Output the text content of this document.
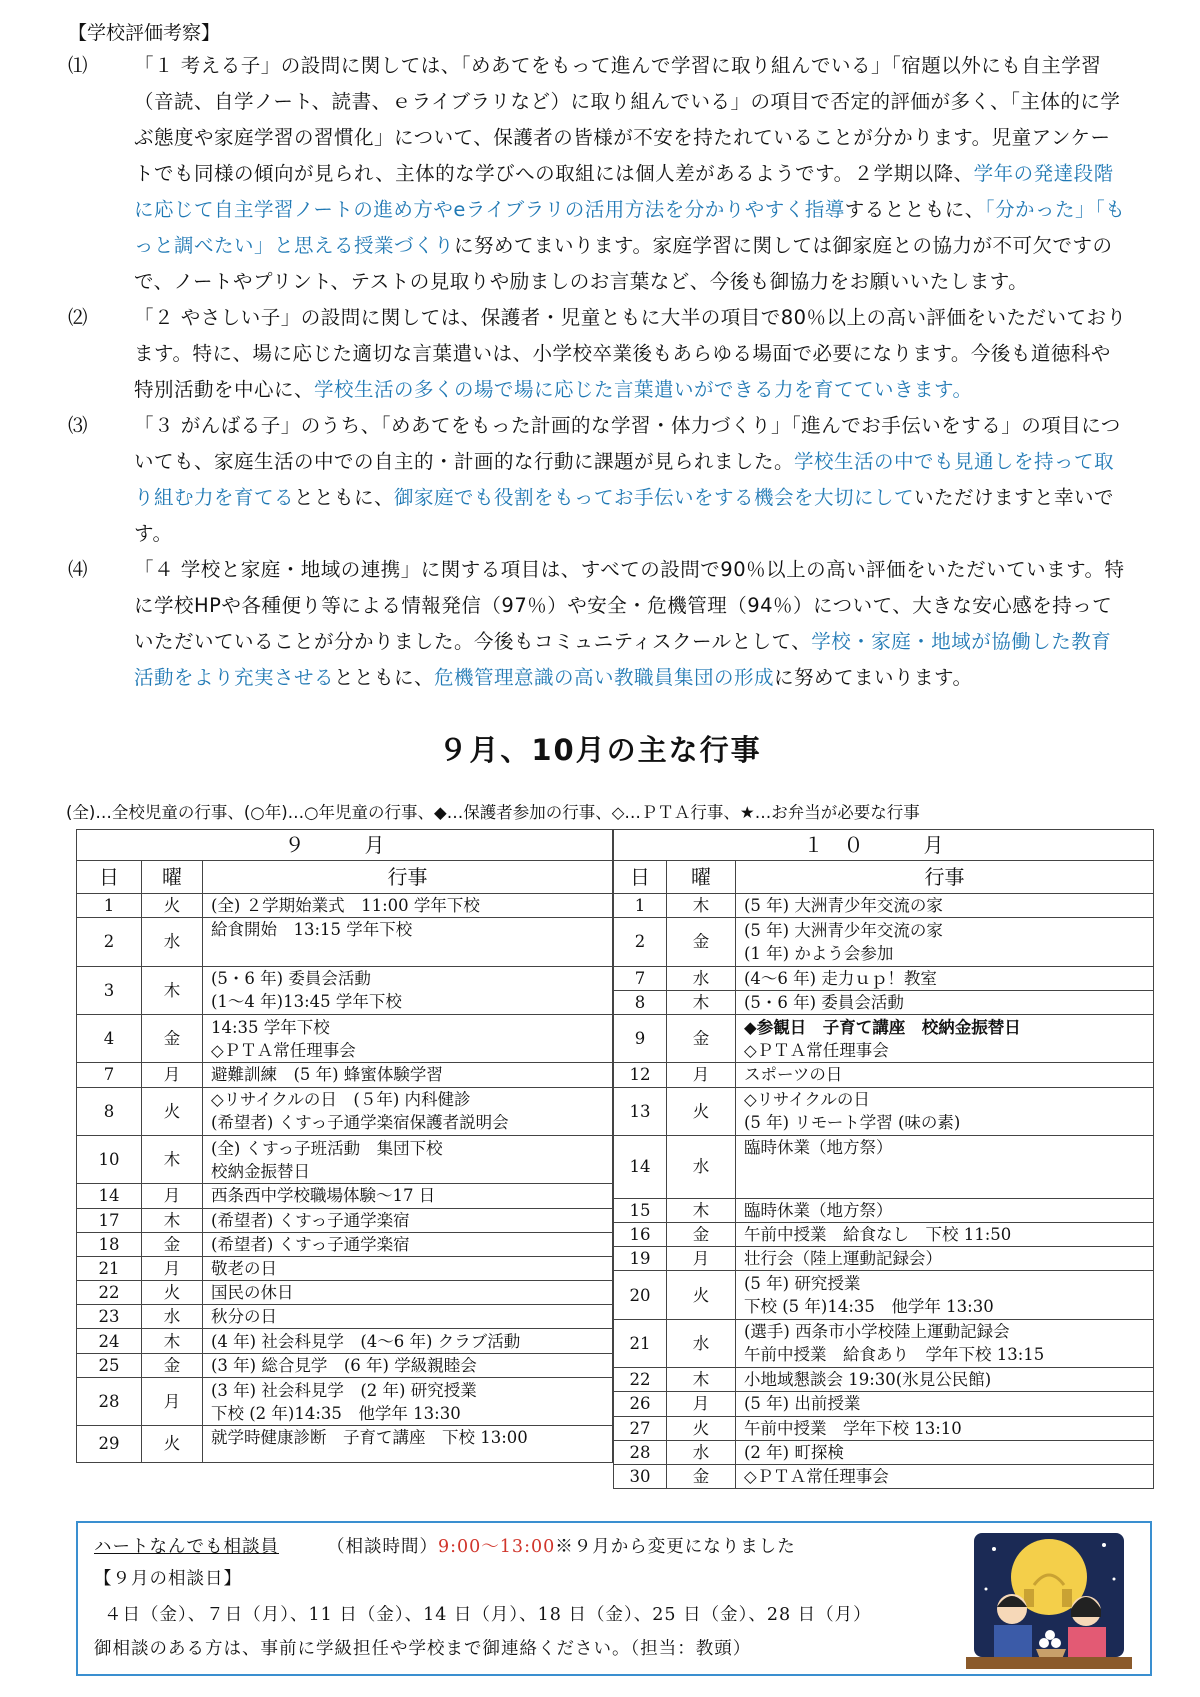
【学校評価考察】
⑴	「１ 考える子」の設問に関しては、「めあてをもって進んで学習に取り組んでいる」「宿題以外にも自主学習（音読、自学ノート、読書、ｅライブラリなど）に取り組んでいる」の項目で否定的評価が多く、「主体的に学ぶ態度や家庭学習の習慣化」について、保護者の皆様が不安を持たれていることが分かります。児童アンケートでも同様の傾向が見られ、主体的な学びへの取組には個人差があるようです。２学期以降、学年の発達段階に応じて自主学習ノートの進め方やeライブラリの活用方法を分かりやすく指導するとともに、「分かった」「もっと調べたい」と思える授業づくりに努めてまいります。家庭学習に関しては御家庭との協力が不可欠ですので、ノートやプリント、テストの見取りや励ましのお言葉など、今後も御協力をお願いいたします。
⑵	「２ やさしい子」の設問に関しては、保護者・児童ともに大半の項目で80％以上の高い評価をいただいております。特に、場に応じた適切な言葉遣いは、小学校卒業後もあらゆる場面で必要になります。今後も道徳科や特別活動を中心に、学校生活の多くの場で場に応じた言葉遣いができる力を育てていきます。
⑶	「３ がんばる子」のうち、「めあてをもった計画的な学習・体力づくり」「進んでお手伝いをする」の項目についても、家庭生活の中での自主的・計画的な行動に課題が見られました。学校生活の中でも見通しを持って取り組む力を育てるとともに、御家庭でも役割をもってお手伝いをする機会を大切にしていただけますと幸いです。
⑷	「４ 学校と家庭・地域の連携」に関する項目は、すべての設問で90％以上の高い評価をいただいています。特に学校HPや各種便り等による情報発信（97％）や安全・危機管理（94％）について、大きな安心感を持っていただいていることが分かりました。今後もコミュニティスクールとして、学校・家庭・地域が協働した教育活動をより充実させるとともに、危機管理意識の高い教職員集団の形成に努めてまいります。
９月、10月の主な行事
(全)…全校児童の行事、(○年)…○年児童の行事、◆…保護者参加の行事、◇…ＰＴＡ行事、★…お弁当が必要な行事
９　月		
日	曜	行事
1	火	(全) ２学期始業式　11:00 学年下校

2	水	給食開始　13:15 学年下校

3	木	(5・6 年) 委員会活動
(1～4 年)13:45 学年下校

4	金	14:35 学年下校
◇ＰＴＡ常任理事会

7	月	避難訓練　(5 年) 蜂蜜体験学習

8	火	◇リサイクルの日　(５年) 内科健診
(希望者) くすっ子通学楽宿保護者説明会

10	木	(全) くすっ子班活動　集団下校
校納金振替日

14	月	西条西中学校職場体験～17 日

17	木	(希望者) くすっ子通学楽宿

18	金	(希望者) くすっ子通学楽宿

21	月	敬老の日

22	火	国民の休日

23	水	秋分の日

24	木	(4 年) 社会科見学　(4～6 年) クラブ活動

25	金	(3 年) 総合見学　(6 年) 学級親睦会

28	月	(3 年) 社会科見学　(2 年) 研究授業
下校 (2 年)14:35　他学年 13:30

29	火	就学時健康診断　子育て講座　下校 13:00
１０　月		
日	曜	行事
1	木	(5 年) 大洲青少年交流の家

2	金	(5 年) 大洲青少年交流の家
(1 年) かよう会参加

7	水	(4～6 年) 走力ｕｐ！教室

8	木	(5・6 年) 委員会活動

9	金	◆参観日　子育て講座　校納金振替日
◇ＰＴＡ常任理事会

12	月	スポーツの日

13	火	◇リサイクルの日
(5 年) リモート学習 (味の素)

14	水	臨時休業（地方祭）

15	木	臨時休業（地方祭）

16	金	午前中授業　給食なし　下校 11:50

19	月	壮行会（陸上運動記録会）

20	火	(5 年) 研究授業
下校 (5 年)14:35　他学年 13:30

21	水	(選手) 西条市小学校陸上運動記録会
午前中授業　給食あり　学年下校 13:15

22	木	小地域懇談会 19:30(氷見公民館)

26	月	(5 年) 出前授業

27	火	午前中授業　学年下校 13:10

28	水	(2 年) 町探検

30	金	◇ＰＴＡ常任理事会
ハートなんでも相談員	（相談時間）9:00～13:00※９月から変更になりました
【９月の相談日】
４日（金）、７日（月）、11 日（金）、14 日（月）、18 日（金）、25 日（金）、28 日（月）
御相談のある方は、事前に学級担任や学校まで御連絡ください。（担当：教頭）
